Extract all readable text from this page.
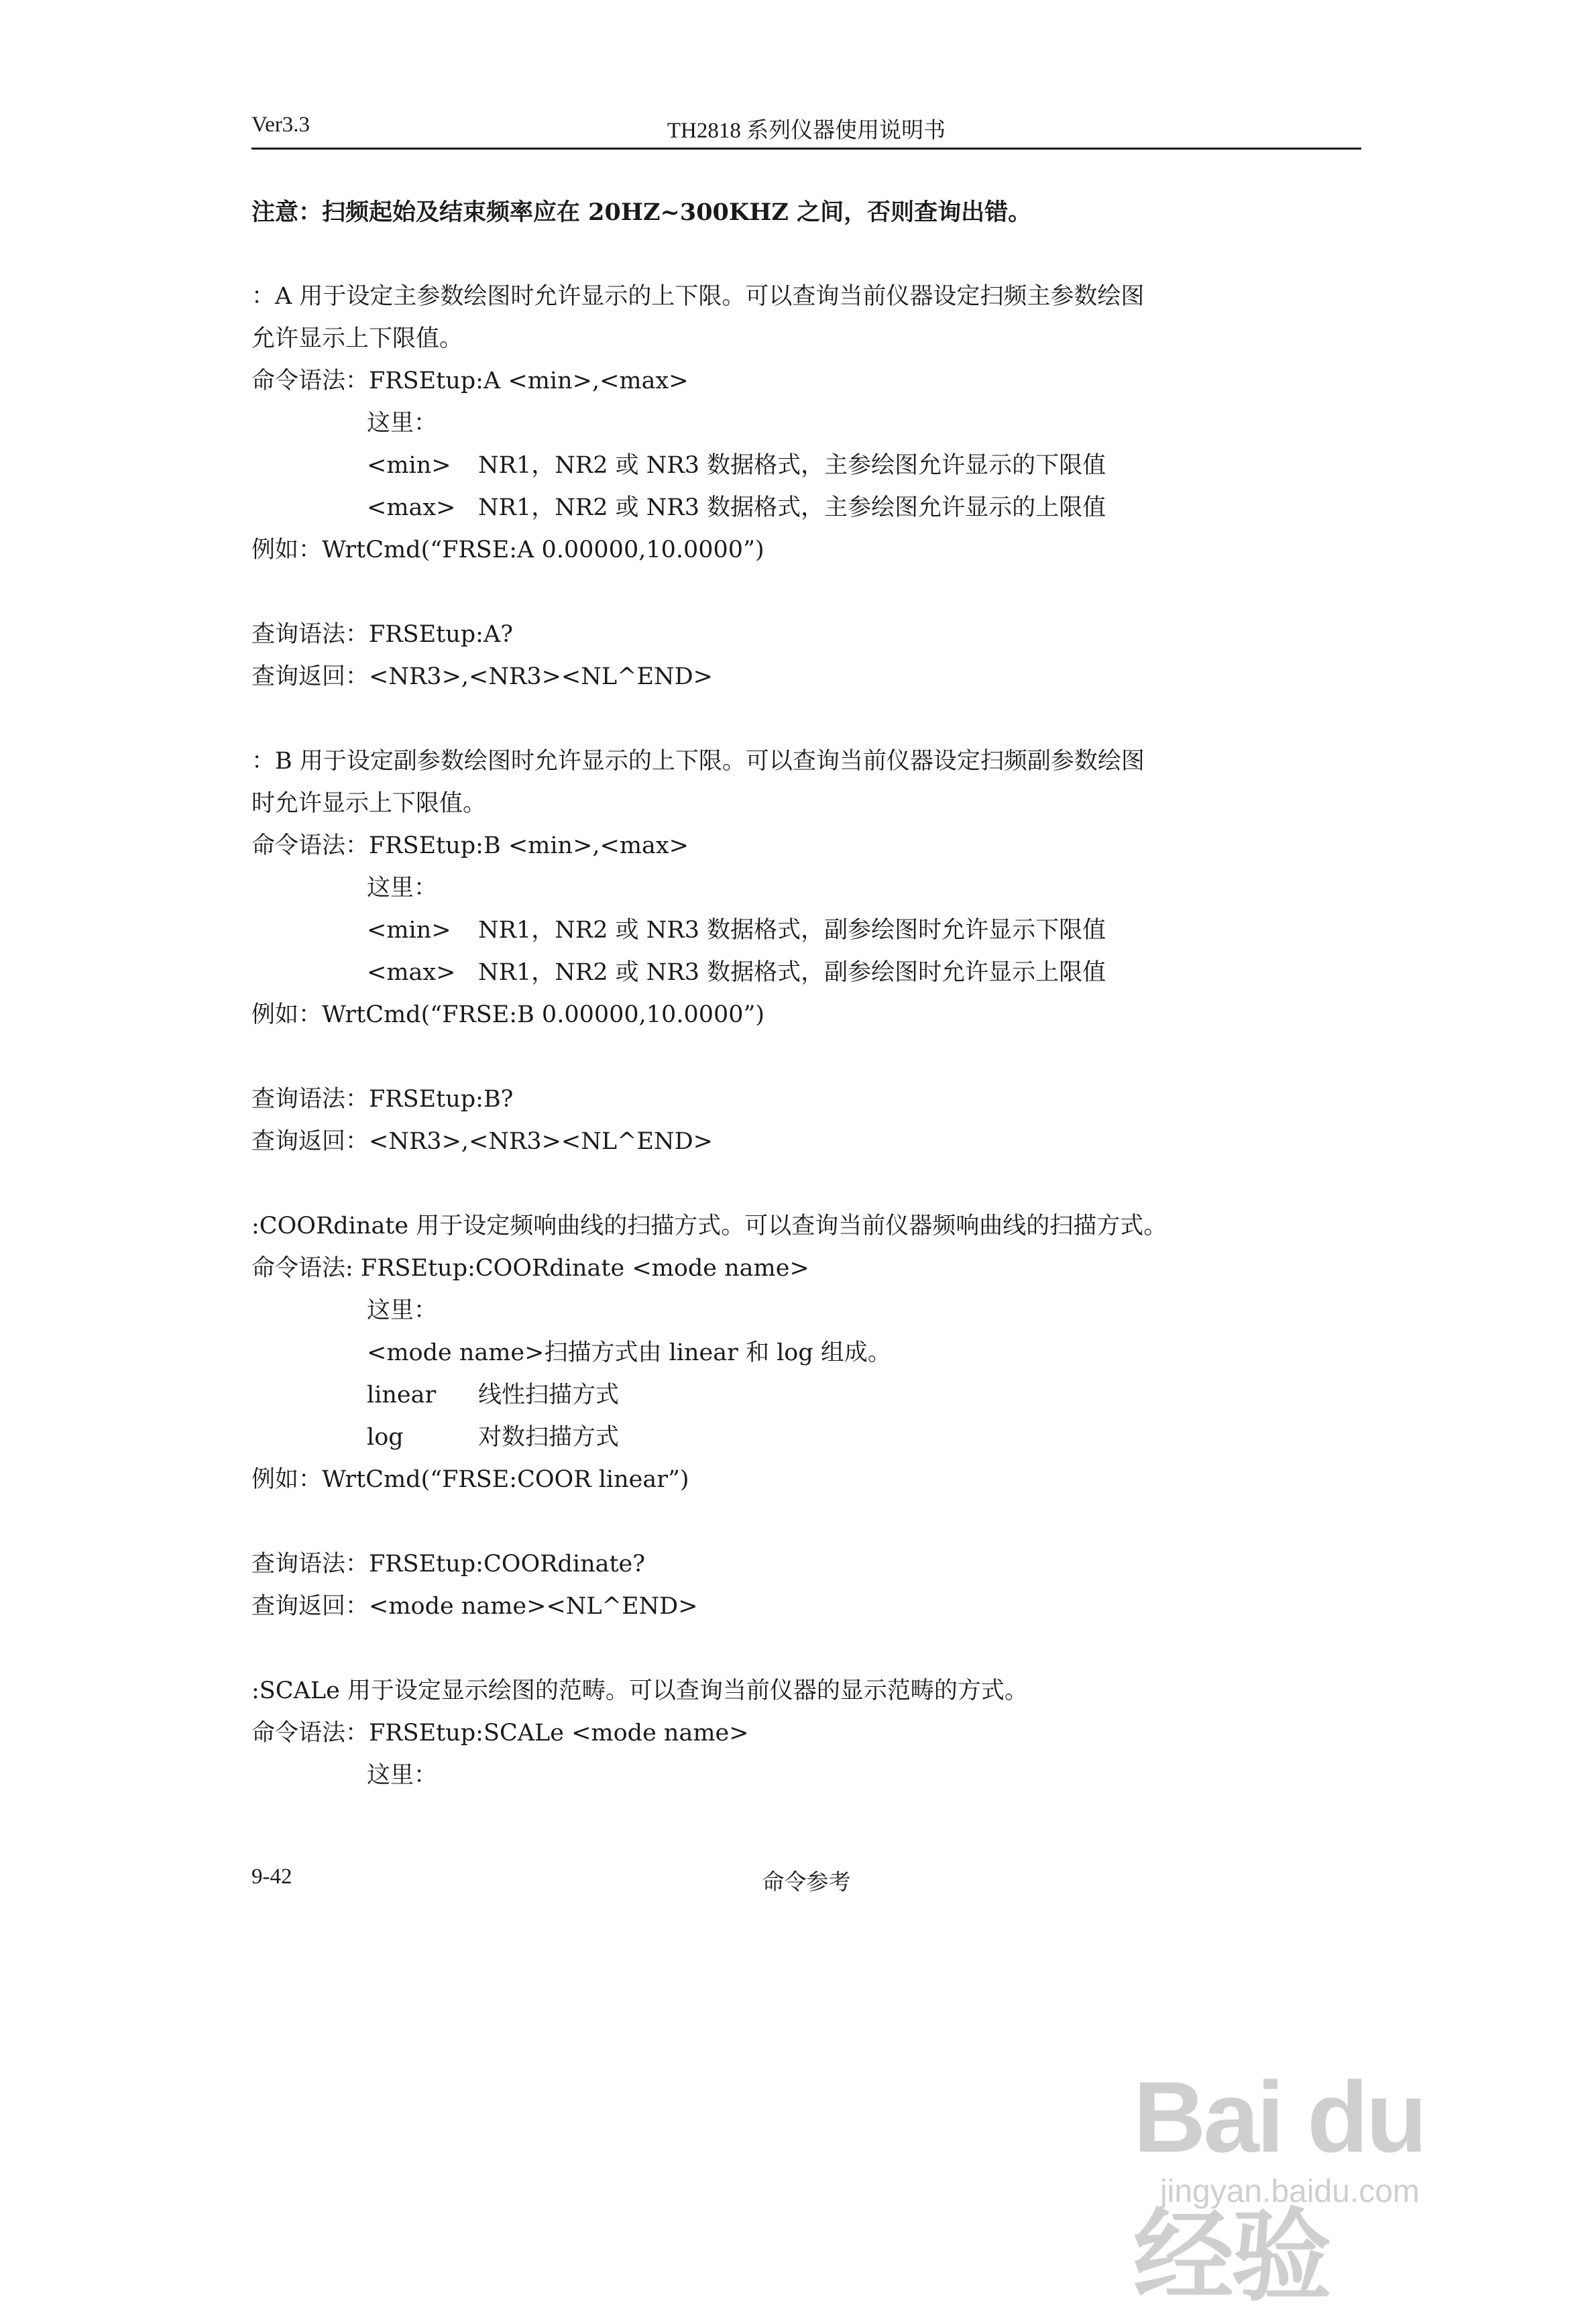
Ver3.3	TH2818 系列仪器使用说明书
注意：扫频起始及结束频率应在 20HZ~300KHZ 之间，否则查询出错。
：A 用于设定主参数绘图时允许显示的上下限。可以查询当前仪器设定扫频主参数绘图
允许显示上下限值。
命令语法：FRSEtup:A <min>,<max>
这里：
<min> NR1，NR2 或 NR3 数据格式，主参绘图允许显示的下限值
<max> NR1，NR2 或 NR3 数据格式，主参绘图允许显示的上限值
例如：WrtCmd(“FRSE:A 0.00000,10.0000”)
查询语法：FRSEtup:A?
查询返回：<NR3>,<NR3><NL^END>
：B 用于设定副参数绘图时允许显示的上下限。可以查询当前仪器设定扫频副参数绘图
时允许显示上下限值。
命令语法：FRSEtup:B <min>,<max>
这里：
<min> NR1，NR2 或 NR3 数据格式，副参绘图时允许显示下限值
<max> NR1，NR2 或 NR3 数据格式，副参绘图时允许显示上限值
例如：WrtCmd(“FRSE:B 0.00000,10.0000”)
查询语法：FRSEtup:B?
查询返回：<NR3>,<NR3><NL^END>
:COORdinate 用于设定频响曲线的扫描方式。可以查询当前仪器频响曲线的扫描方式。
命令语法: FRSEtup:COORdinate <mode name>
这里：
<mode name>扫描方式由 linear 和 log 组成。
linear 线性扫描方式
log	对数扫描方式
例如：WrtCmd(“FRSE:COOR linear”)
查询语法：FRSEtup:COORdinate?
查询返回：<mode name><NL^END>
:SCALe 用于设定显示绘图的范畴。可以查询当前仪器的显示范畴的方式。
命令语法：FRSEtup:SCALe <mode name>
这里：
9-42	命令参考
Bai du 经验
jingyan.baidu.com
